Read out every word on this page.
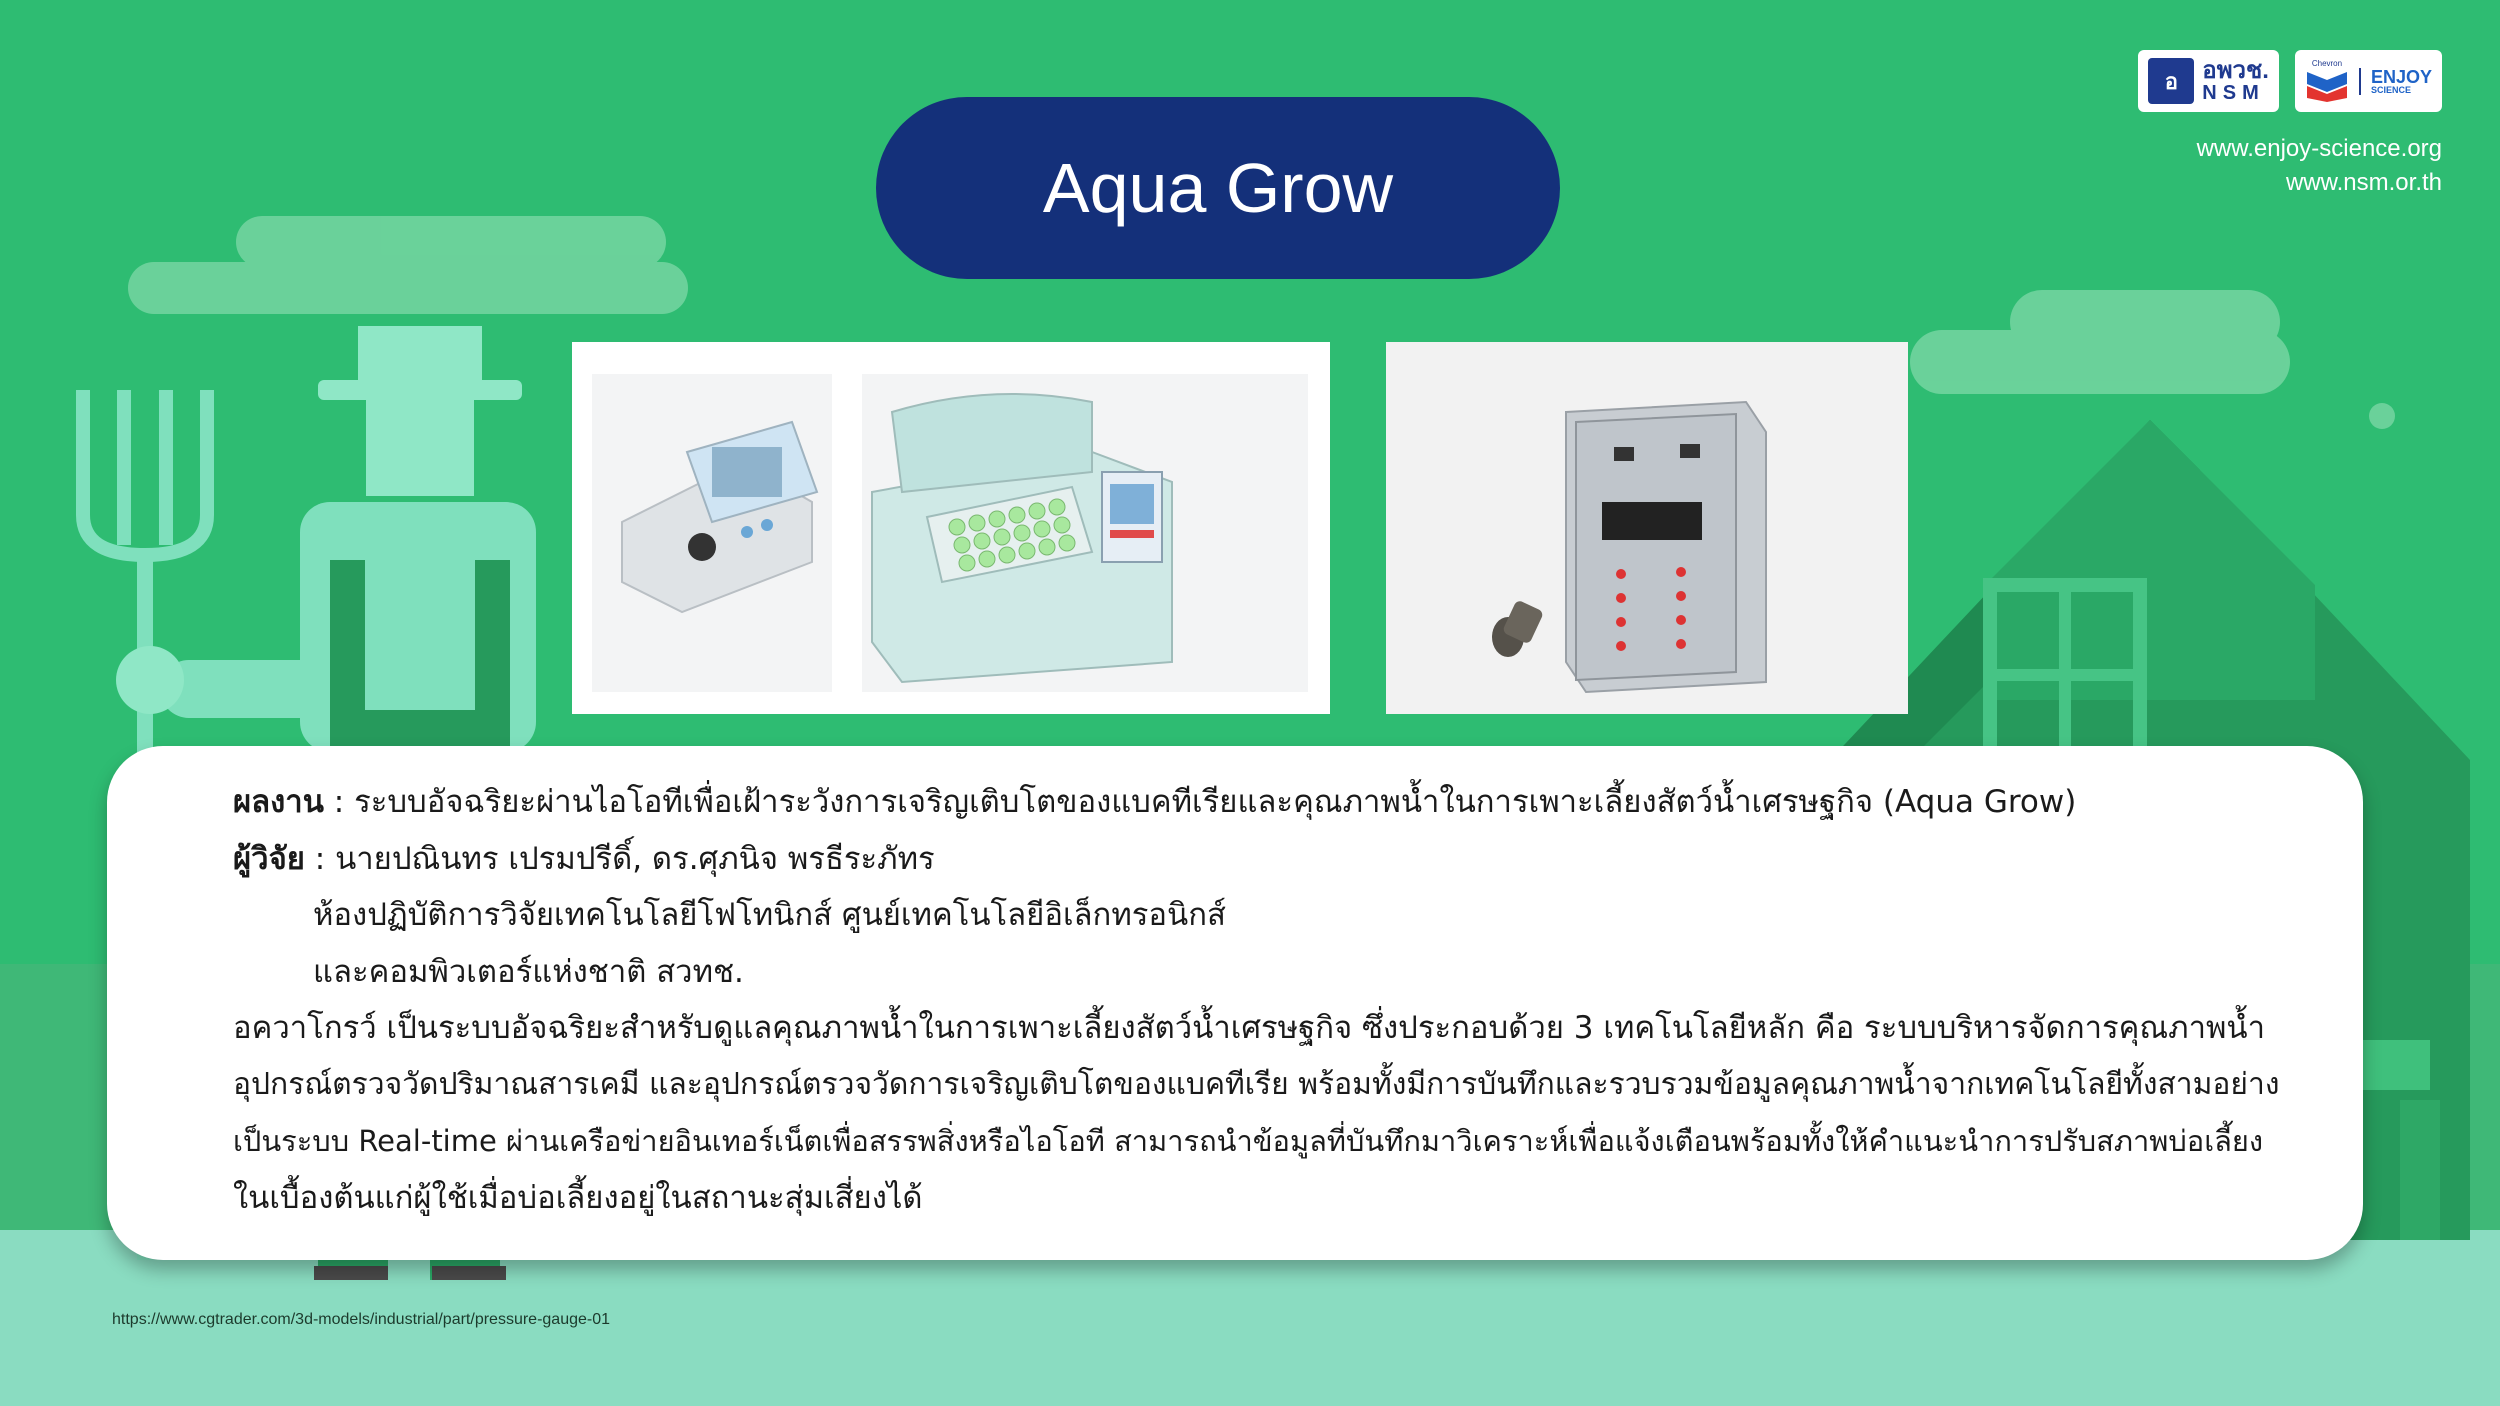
อ	อพวช.
NSM
Chevron
ENJOY
SCIENCE
www.enjoy-science.org
www.nsm.or.th
Aqua Grow
ผลงาน : ระบบอัจฉริยะผ่านไอโอทีเพื่อเฝ้าระวังการเจริญเติบโตของแบคทีเรียและคุณภาพน้ำในการเพาะเลี้ยงสัตว์น้ำเศรษฐกิจ (Aqua Grow)
ผู้วิจัย : นายปณินทร เปรมปรีดิ์, ดร.ศุภนิจ พรธีระภัทร
ห้องปฏิบัติการวิจัยเทคโนโลยีโฟโทนิกส์ ศูนย์เทคโนโลยีอิเล็กทรอนิกส์
และคอมพิวเตอร์แห่งชาติ สวทช.
อควาโกรว์ เป็นระบบอัจฉริยะสำหรับดูแลคุณภาพน้ำในการเพาะเลี้ยงสัตว์น้ำเศรษฐกิจ ซึ่งประกอบด้วย 3 เทคโนโลยีหลัก คือ ระบบบริหารจัดการคุณภาพน้ำ
อุปกรณ์ตรวจวัดปริมาณสารเคมี และอุปกรณ์ตรวจวัดการเจริญเติบโตของแบคทีเรีย พร้อมทั้งมีการบันทึกและรวบรวมข้อมูลคุณภาพน้ำจากเทคโนโลยีทั้งสามอย่าง
เป็นระบบ Real-time ผ่านเครือข่ายอินเทอร์เน็ตเพื่อสรรพสิ่งหรือไอโอที สามารถนำข้อมูลที่บันทึกมาวิเคราะห์เพื่อแจ้งเตือนพร้อมทั้งให้คำแนะนำการปรับสภาพบ่อเลี้ยง
ในเบื้องต้นแก่ผู้ใช้เมื่อบ่อเลี้ยงอยู่ในสถานะสุ่มเสี่ยงได้
https://www.cgtrader.com/3d-models/industrial/part/pressure-gauge-01
